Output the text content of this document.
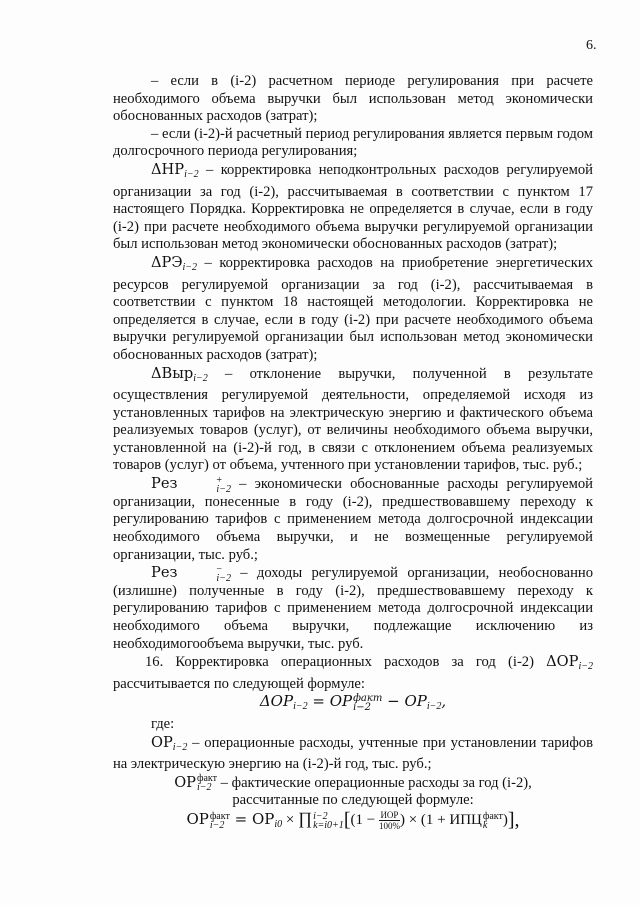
6.

– если в (i-2) расчетном периоде регулирования при расчете необходимого объема выручки был использован метод экономически обоснованных расходов (затрат);

– если (i-2)-й расчетный период регулирования является первым годом долгосрочного периода регулирования;

$\Delta НР_{i-2}$ – корректировка неподконтрольных расходов регулируемой организации за год (i-2), рассчитываемая в соответствии с пунктом 17 настоящего Порядка. Корректировка не определяется в случае, если в году (i-2) при расчете необходимого объема выручки регулируемой организации был использован метод экономически обоснованных расходов (затрат);

$\Delta РЭ_{i-2}$ – корректировка расходов на приобретение энергетических ресурсов регулируемой организации за год (i-2), рассчитываемая в соответствии с пунктом 18 настоящей методологии. Корректировка не определяется в случае, если в году (i-2) при расчете необходимого объема выручки регулируемой организации был использован метод экономически обоснованных расходов (затрат);

ΔВыр$_{i-2}$ – отклонение выручки, полученной в результате осуществления регулируемой деятельности, определяемой исходя из установленных тарифов на электрическую энергию и фактического объема реализуемых товаров (услуг), от величины необходимого объема выручки, установленной на (i-2)-й год, в связи с отклонением объема реализуемых товаров (услуг) от объема, учтенного при установлении тарифов, тыс. руб.;

Рез	+
i−2 – экономически обоснованные расходы регулируемой организации, понесенные в году (i-2), предшествовавшему переходу к регулированию тарифов с применением метода долгосрочной индексации необходимого объема выручки, и не возмещенные регулируемой организации, тыс. руб.;

Рез	−
i−2 – доходы регулируемой организации, необоснованно (излишне) полученные в году (i-2), предшествовавшему переходу к регулированию тарифов с применением метода долгосрочной индексации необходимого объема выручки, подлежащие исключению из необходимогообъема выручки, тыс. руб.

16. Корректировка операционных расходов за год (i-2) $\Delta ОР_{i-2}$ рассчитывается по следующей формуле:

$\Delta OP_{i-2}$ = OP факт
$i-2 - OP_{i-2}$,

где:

$ОР_{i-2}$ – операционные расходы, учтенные при установлении тарифов на электрическую энергию на (i-2)-й год, тыс. руб.;

ОР факт
i−2 – фактические операционные расходы за год (i-2),

рассчитанные по следующей формуле:

ОР факт
$i-2 = ОР_{i0}$ × ∏ i−2
k=i0+1 [($1 - \frac{\text{ИОР}}{100\%}$ ) × (1 + ИПЦ факт
k	)],
